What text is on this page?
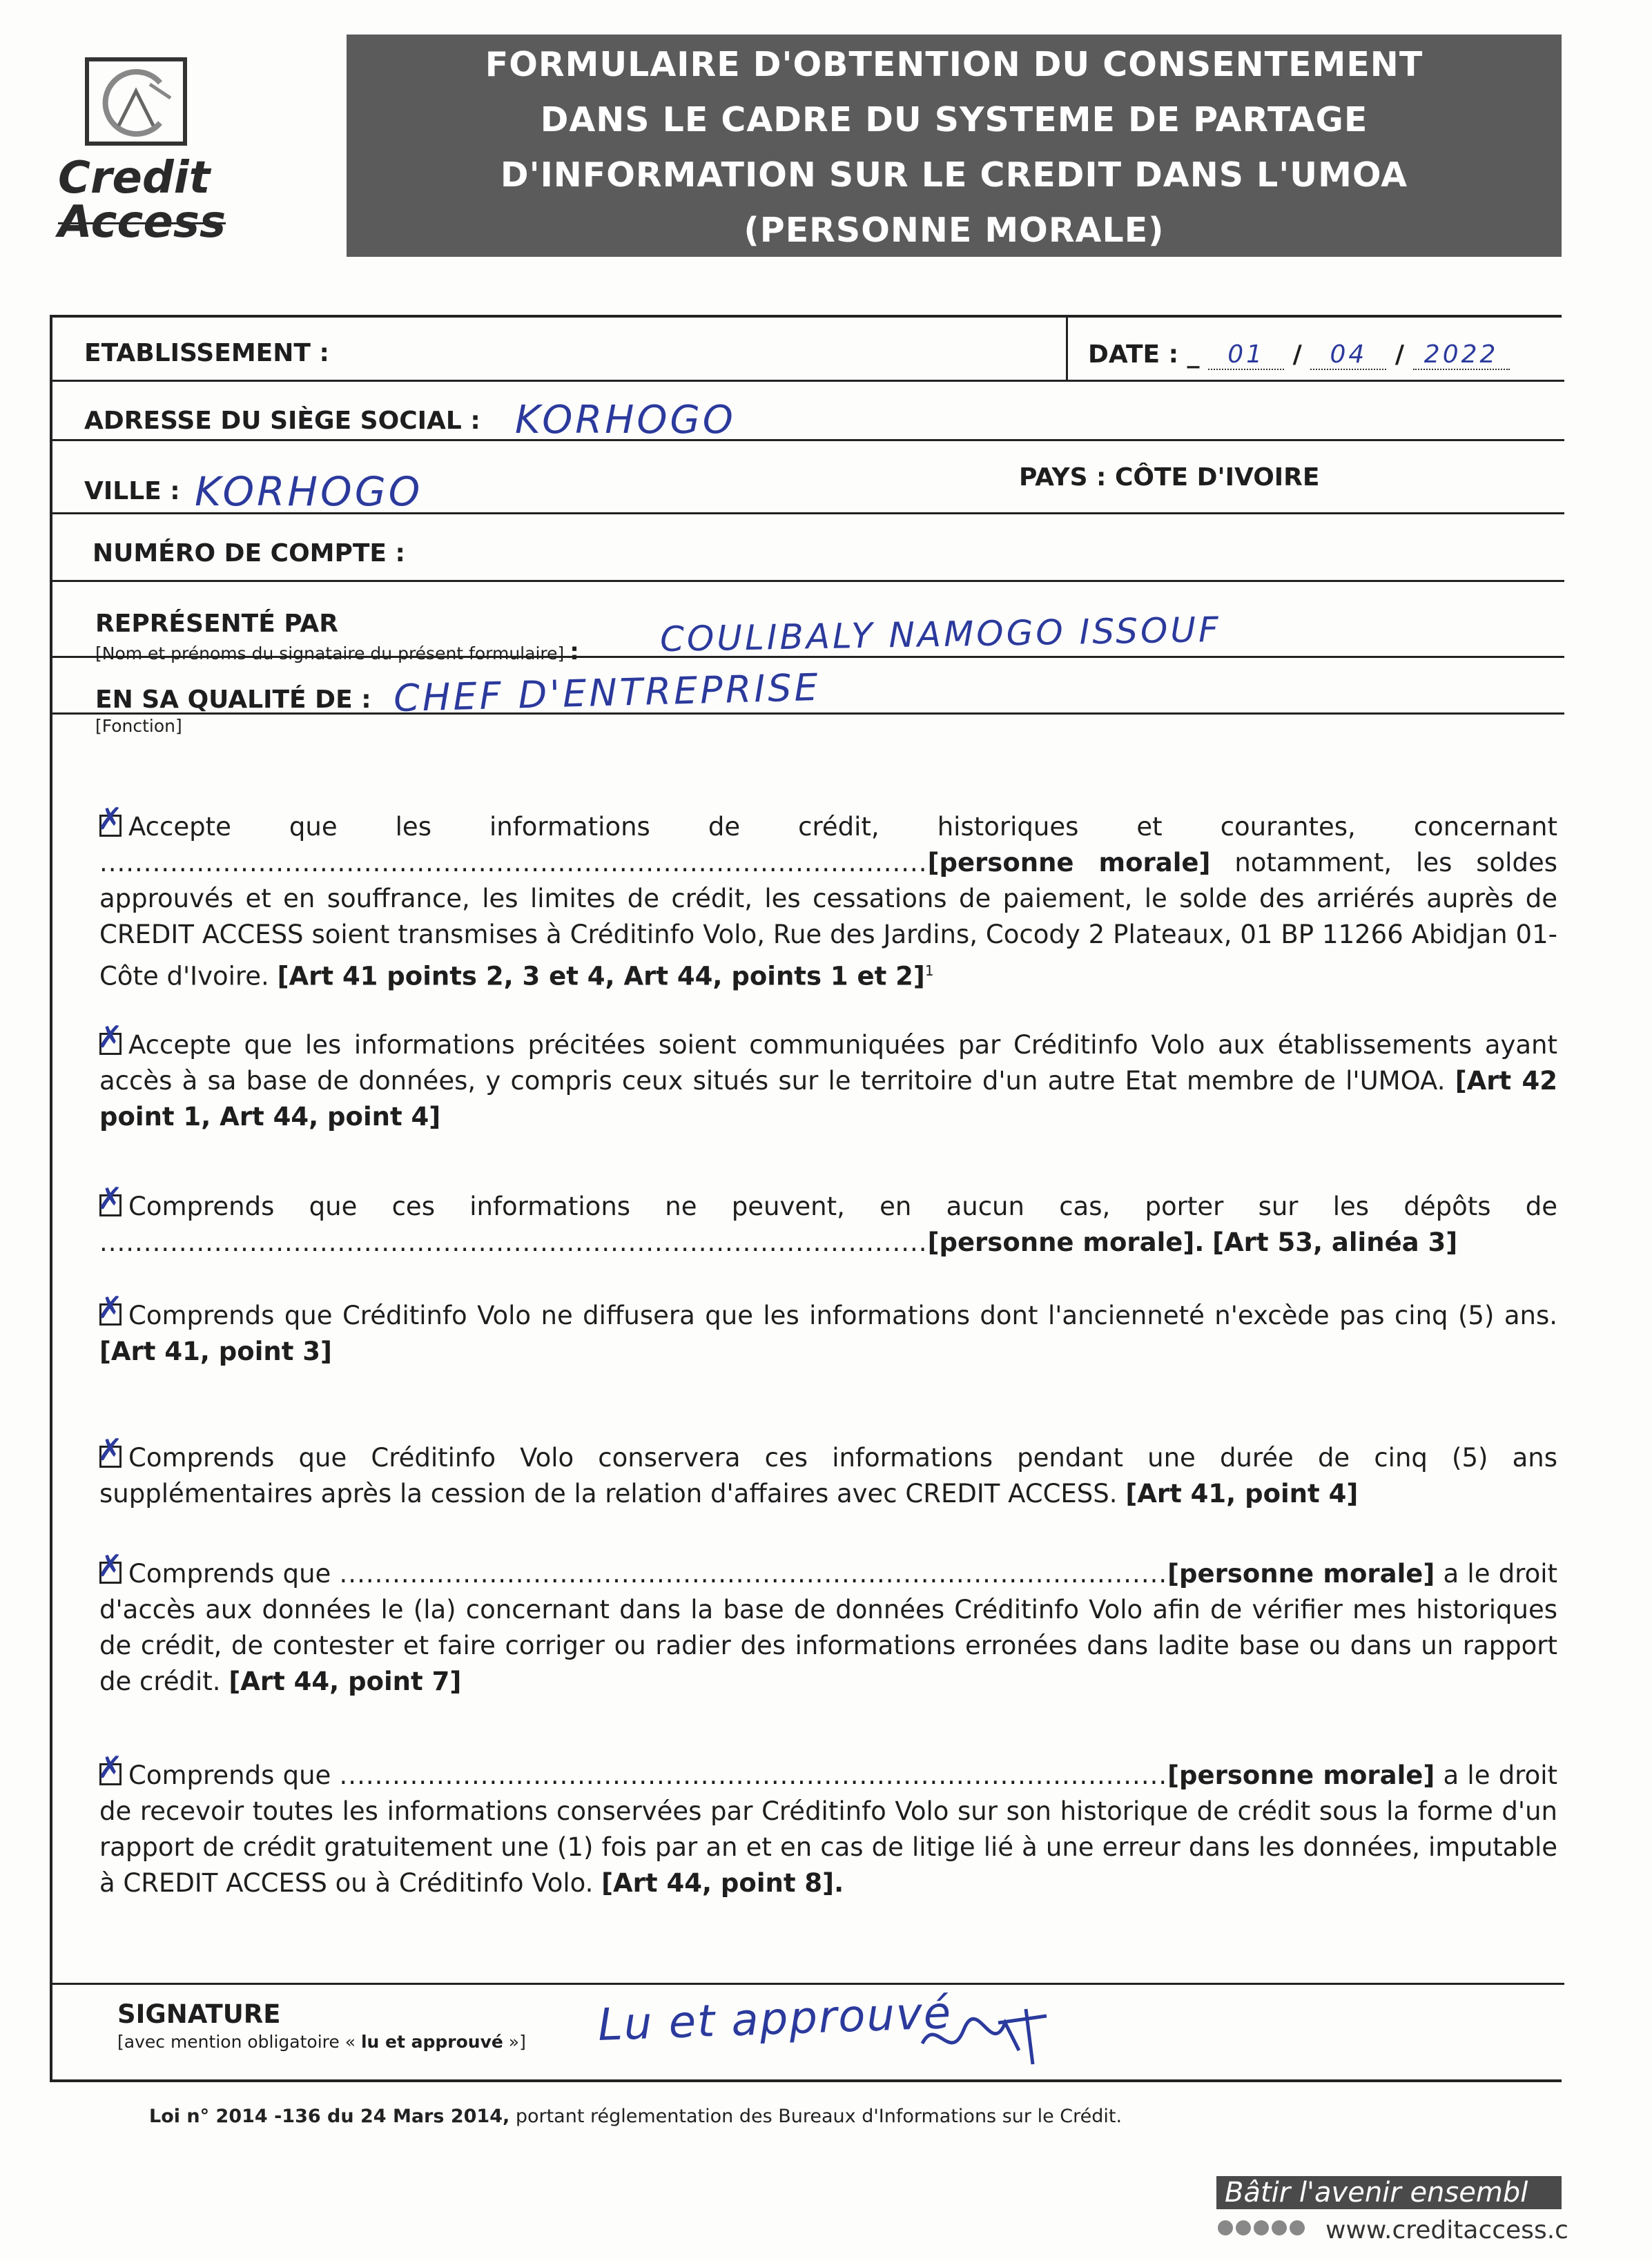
Credit
Access
FORMULAIRE D'OBTENTION DU CONSENTEMENT
DANS LE CADRE DU SYSTEME DE PARTAGE
D'INFORMATION SUR LE CREDIT DANS L'UMOA
(PERSONNE MORALE)
ETABLISSEMENT :	DATE : _ 01 / 04 / 2022
ADRESSE DU SIÈGE SOCIAL : KORHOGO
VILLE : KORHOGO	PAYS : CÔTE D'IVOIRE
NUMÉRO DE COMPTE :
REPRÉSENTÉ PAR
[Nom et prénoms du signataire du présent formulaire] : COULIBALY NAMOGO ISSOUF
EN SA QUALITÉ DE :
[Fonction]
CHEF D'ENTREPRISE
SIGNATURE
[avec mention obligatoire « lu et approuvé »] Lu et approuvé
✗Accepte que les informations de crédit, historiques et courantes, concernant ..............................................................................................[personne morale] notamment, les soldes approuvés et en souffrance, les limites de crédit, les cessations de paiement, le solde des arriérés auprès de CREDIT ACCESS soient transmises à Créditinfo Volo, Rue des Jardins, Cocody 2 Plateaux, 01 BP 11266 Abidjan 01- Côte d'Ivoire. [Art 41 points 2, 3 et 4, Art 44, points 1 et 2]$^1$
✗Accepte que les informations précitées soient communiquées par Créditinfo Volo aux établissements ayant accès à sa base de données, y compris ceux situés sur le territoire d'un autre Etat membre de l'UMOA. [Art 42 point 1, Art 44, point 4]
✗Comprends que ces informations ne peuvent, en aucun cas, porter sur les dépôts de ..............................................................................................[personne morale]. [Art 53, alinéa 3]
✗Comprends que Créditinfo Volo ne diffusera que les informations dont l'ancienneté n'excède pas cinq (5) ans. [Art 41, point 3]
✗Comprends que Créditinfo Volo conservera ces informations pendant une durée de cinq (5) ans supplémentaires après la cession de la relation d'affaires avec CREDIT ACCESS. [Art 41, point 4]
✗Comprends que ..............................................................................................[personne morale] a le droit d'accès aux données le (la) concernant dans la base de données Créditinfo Volo afin de vérifier mes historiques de crédit, de contester et faire corriger ou radier des informations erronées dans ladite base ou dans un rapport de crédit. [Art 44, point 7]
✗Comprends que ..............................................................................................[personne morale] a le droit de recevoir toutes les informations conservées par Créditinfo Volo sur son historique de crédit sous la forme d'un rapport de crédit gratuitement une (1) fois par an et en cas de litige lié à une erreur dans les données, imputable à CREDIT ACCESS ou à Créditinfo Volo. [Art 44, point 8].
Loi n° 2014 -136 du 24 Mars 2014, portant réglementation des Bureaux d'Informations sur le Crédit.
Bâtir l'avenir ensembl
www.creditaccess.c
